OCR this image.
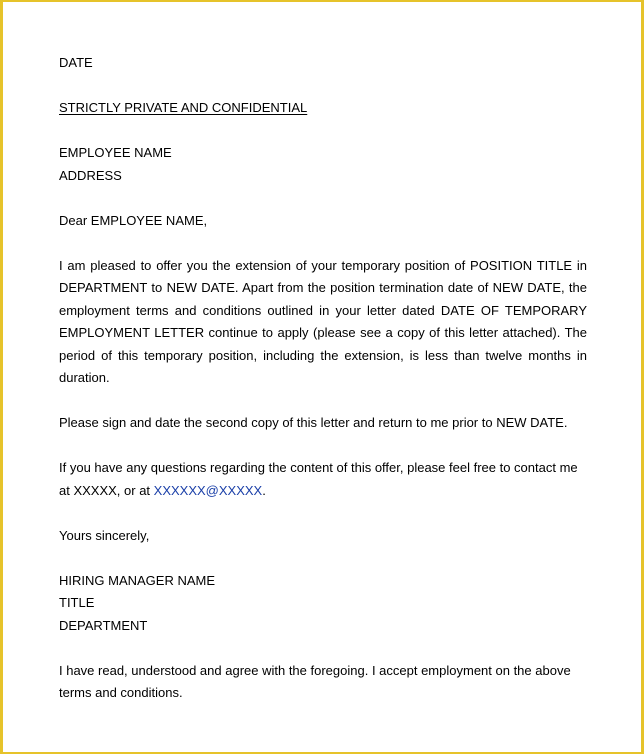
DATE
STRICTLY PRIVATE AND CONFIDENTIAL
EMPLOYEE NAME
ADDRESS
Dear EMPLOYEE NAME,

I am pleased to offer you the extension of your temporary position of POSITION TITLE in DEPARTMENT to NEW DATE. Apart from the position termination date of NEW DATE, the employment terms and conditions outlined in your letter dated DATE OF TEMPORARY EMPLOYMENT LETTER continue to apply (please see a copy of this letter attached). The period of this temporary position, including the extension, is less than twelve months in duration.

Please sign and date the second copy of this letter and return to me prior to NEW DATE.
If you have any questions regarding the content of this offer, please feel free to contact me
at XXXXX, or at XXXXXX@XXXXX.
Yours sincerely,
HIRING MANAGER NAME
TITLE
DEPARTMENT
I have read, understood and agree with the foregoing. I accept employment on the above
terms and conditions.
